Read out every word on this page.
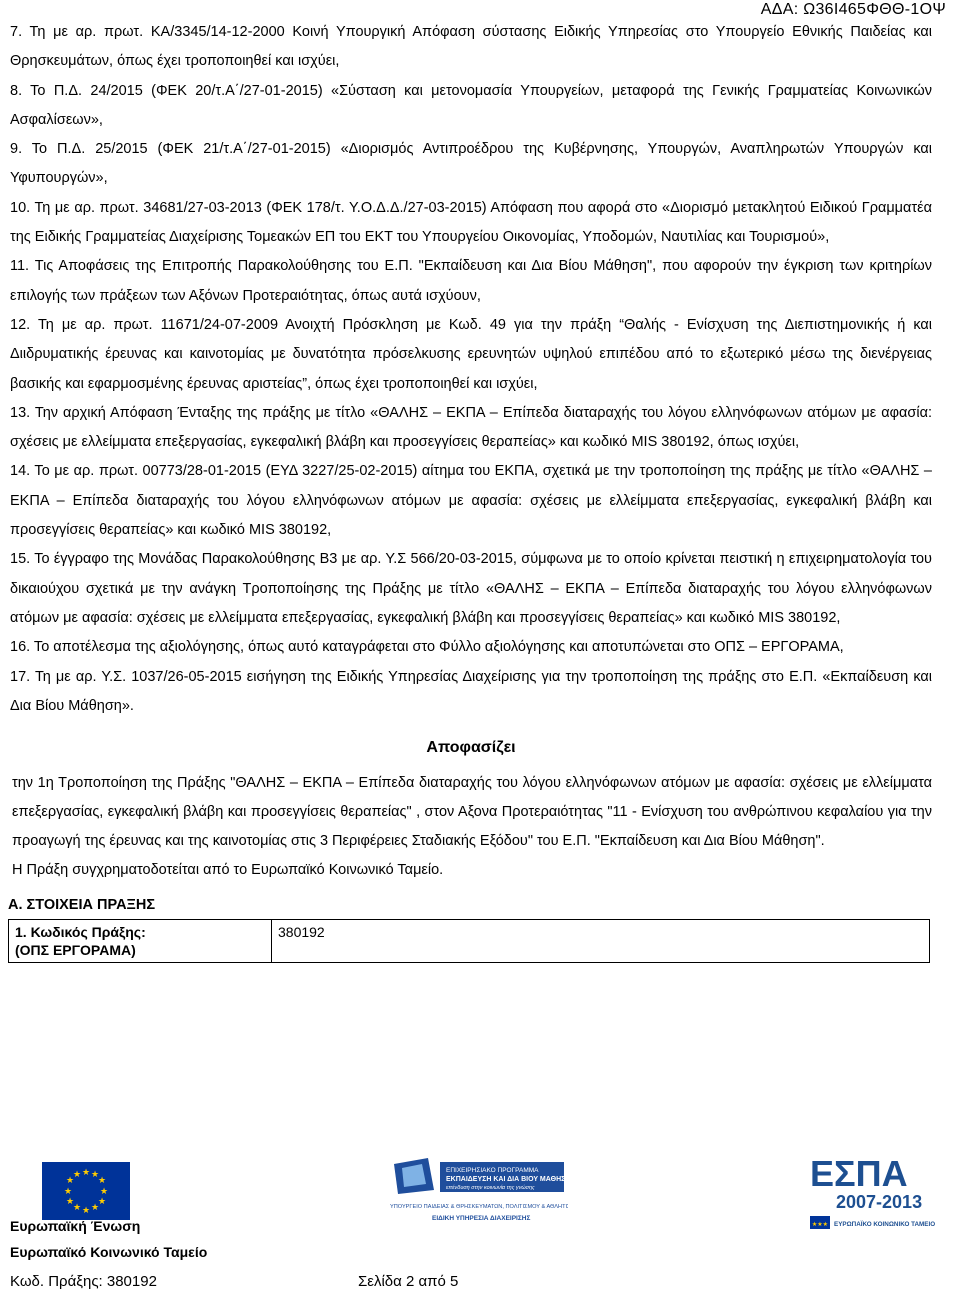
ΑΔΑ: Ω36Ι465ΦΘΘ-1ΟΨ

7. Τη με αρ. πρωτ. ΚΑ/3345/14-12-2000 Κοινή Υπουργική Απόφαση σύστασης Ειδικής Υπηρεσίας στο Υπουργείο Εθνικής Παιδείας και Θρησκευμάτων, όπως έχει τροποποιηθεί και ισχύει,

8. Το Π.Δ. 24/2015 (ΦΕΚ 20/τ.Α΄/27-01-2015) «Σύσταση και μετονομασία Υπουργείων, μεταφορά της Γενικής Γραμματείας Κοινωνικών Ασφαλίσεων»,

9. Το Π.Δ. 25/2015 (ΦΕΚ 21/τ.Α΄/27-01-2015) «Διορισμός Αντιπροέδρου της Κυβέρνησης, Υπουργών, Αναπληρωτών Υπουργών και Υφυπουργών»,

10. Τη με αρ. πρωτ. 34681/27-03-2013 (ΦΕΚ 178/τ. Υ.Ο.Δ.Δ./27-03-2015) Απόφαση που αφορά στο «Διορισμό μετακλητού Ειδικού Γραμματέα της Ειδικής Γραμματείας Διαχείρισης Τομεακών ΕΠ του ΕΚΤ του Υπουργείου Οικονομίας, Υποδομών, Ναυτιλίας και Τουρισμού»,

11. Τις Αποφάσεις της Επιτροπής Παρακολούθησης του Ε.Π. "Εκπαίδευση και Δια Βίου Μάθηση", που αφορούν την έγκριση των κριτηρίων επιλογής των πράξεων των Αξόνων Προτεραιότητας, όπως αυτά ισχύουν,

12. Τη με αρ. πρωτ. 11671/24-07-2009 Ανοιχτή Πρόσκληση με Κωδ. 49 για την πράξη “Θαλής - Ενίσχυση της Διεπιστημονικής ή και Διιδρυματικής έρευνας και καινοτομίας με δυνατότητα πρόσελκυσης ερευνητών υψηλού επιπέδου από το εξωτερικό μέσω της διενέργειας βασικής και εφαρμοσμένης έρευνας αριστείας”, όπως έχει τροποποιηθεί και ισχύει,

13. Την αρχική Απόφαση Ένταξης της πράξης με τίτλο «ΘΑΛΗΣ – ΕΚΠΑ – Επίπεδα διαταραχής του λόγου ελληνόφωνων ατόμων με αφασία: σχέσεις με ελλείμματα επεξεργασίας, εγκεφαλική βλάβη και προσεγγίσεις θεραπείας» και κωδικό MIS 380192, όπως ισχύει,

14. Το με αρ. πρωτ. 00773/28-01-2015 (ΕΥΔ 3227/25-02-2015) αίτημα του ΕΚΠΑ, σχετικά με την τροποποίηση της πράξης με τίτλο «ΘΑΛΗΣ – ΕΚΠΑ – Επίπεδα διαταραχής του λόγου ελληνόφωνων ατόμων με αφασία: σχέσεις με ελλείμματα επεξεργασίας, εγκεφαλική βλάβη και προσεγγίσεις θεραπείας» και κωδικό MIS 380192,

15. Το έγγραφο της Μονάδας Παρακολούθησης Β3 με αρ. Υ.Σ 566/20-03-2015, σύμφωνα με το οποίο κρίνεται πειστική η επιχειρηματολογία του δικαιούχου σχετικά με την ανάγκη Τροποποίησης της Πράξης με τίτλο «ΘΑΛΗΣ – ΕΚΠΑ – Επίπεδα διαταραχής του λόγου ελληνόφωνων ατόμων με αφασία: σχέσεις με ελλείμματα επεξεργασίας, εγκεφαλική βλάβη και προσεγγίσεις θεραπείας» και κωδικό MIS 380192,

16. Το αποτέλεσμα της αξιολόγησης, όπως αυτό καταγράφεται στο Φύλλο αξιολόγησης και αποτυπώνεται στο ΟΠΣ – ΕΡΓΟΡΑΜΑ,

17. Τη με αρ. Υ.Σ. 1037/26-05-2015 εισήγηση της Ειδικής Υπηρεσίας Διαχείρισης για την τροποποίηση της πράξης στο Ε.Π. «Εκπαίδευση και Δια Βίου Μάθηση».

Αποφασίζει

την 1η Τροποποίηση της Πράξης "ΘΑΛΗΣ – ΕΚΠΑ – Επίπεδα διαταραχής του λόγου ελληνόφωνων ατόμων με αφασία: σχέσεις με ελλείμματα επεξεργασίας, εγκεφαλική βλάβη και προσεγγίσεις θεραπείας" , στον Αξονα Προτεραιότητας "11 - Ενίσχυση του ανθρώπινου κεφαλαίου για την προαγωγή της έρευνας και της καινοτομίας στις 3 Περιφέρειες Σταδιακής Εξόδου" του Ε.Π. "Εκπαίδευση και Δια Βίου Μάθηση".

Η Πράξη συγχρηματοδοτείται από το Ευρωπαϊκό Κοινωνικό Ταμείο.

Α. ΣΤΟΙΧΕΙΑ ΠΡΑΞΗΣ
1. Κωδικός Πράξης:
(ΟΠΣ ΕΡΓΟΡΑΜΑ)
	380192
★ ★
★
★
★
★
★
★
★
★
★
★
Ευρωπαϊκή Ένωση
Ευρωπαϊκό Κοινωνικό Ταμείο
ΕΠΙΧΕΙΡΗΣΙΑΚΟ ΠΡΟΓΡΑΜΜΑ
ΕΚΠΑΙΔΕΥΣΗ ΚΑΙ ΔΙΑ ΒΙΟΥ ΜΑΘΗΣΗ
επένδυση στην κοινωνία της γνώσης
ΥΠΟΥΡΓΕΙΟ ΠΑΙΔΕΙΑΣ & ΘΡΗΣΚΕΥΜΑΤΩΝ, ΠΟΛΙΤΙΣΜΟΥ & ΑΘΛΗΤΙΣΜΟΥ
ΕΙΔΙΚΗ ΥΠΗΡΕΣΙΑ ΔΙΑΧΕΙΡΙΣΗΣ
ΕΣΠΑ
2007-2013
★★★ ΕΥΡΩΠΑΪΚΟ ΚΟΙΝΩΝΙΚΟ ΤΑΜΕΙΟ
Κωδ. Πράξης: 380192	Σελίδα 2 από 5
